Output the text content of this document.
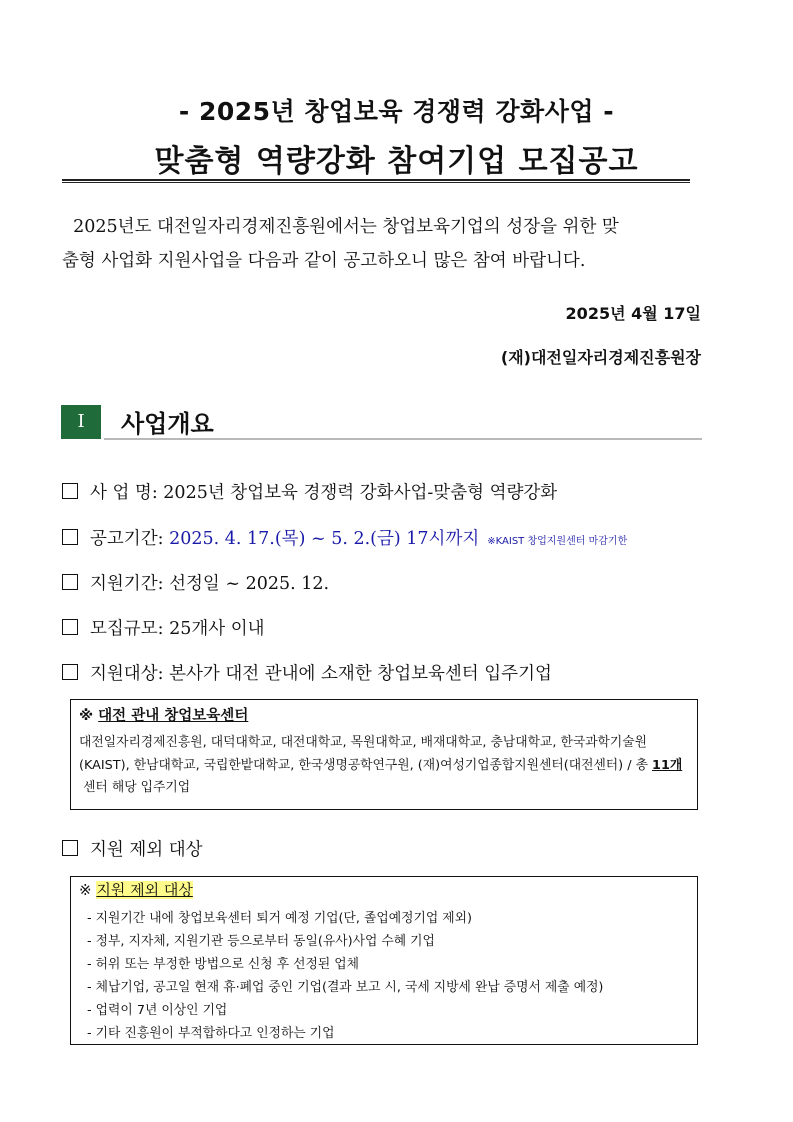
- 2025년 창업보육 경쟁력 강화사업 -
맞춤형 역량강화 참여기업 모집공고
2025년도 대전일자리경제진흥원에서는 창업보육기업의 성장을 위한 맞
춤형 사업화 지원사업을 다음과 같이 공고하오니 많은 참여 바랍니다.
2025년 4월 17일
(재)대전일자리경제진흥원장
Ⅰ	사업개요
사 업 명: 2025년 창업보육 경쟁력 강화사업-맞춤형 역량강화
공고기간: 2025. 4. 17.(목) ~ 5. 2.(금) 17시까지 ※KAIST 창업지원센터 마감기한
지원기간: 선정일 ~ 2025. 12.
모집규모: 25개사 이내
지원대상: 본사가 대전 관내에 소재한 창업보육센터 입주기업
※ 대전 관내 창업보육센터
대전일자리경제진흥원, 대덕대학교, 대전대학교, 목원대학교, 배재대학교, 충남대학교, 한국과학기술원(KAIST), 한남대학교, 국립한밭대학교, 한국생명공학연구원, (재)여성기업종합지원센터(대전센터) / 총 11개 센터 해당 입주기업
지원 제외 대상
※ 지원 제외 대상
- 지원기간 내에 창업보육센터 퇴거 예정 기업(단, 졸업예정기업 제외)
- 정부, 지자체, 지원기관 등으로부터 동일(유사)사업 수혜 기업
- 허위 또는 부정한 방법으로 신청 후 선정된 업체
- 체납기업, 공고일 현재 휴·폐업 중인 기업(결과 보고 시, 국세 지방세 완납 증명서 제출 예정)
- 업력이 7년 이상인 기업
- 기타 진흥원이 부적합하다고 인정하는 기업
